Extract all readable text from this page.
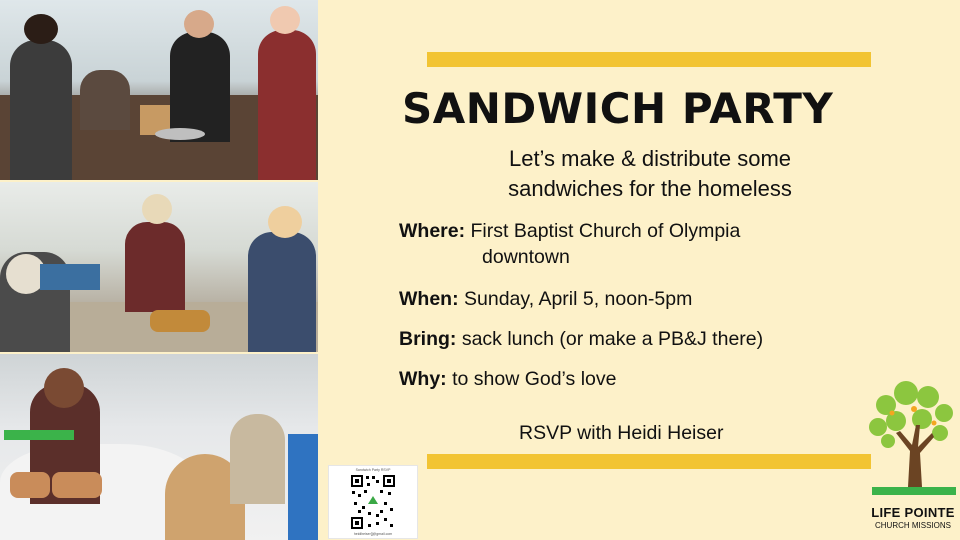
SANDWICH PARTY
Let’s make & distribute some
sandwiches for the homeless
Where: First Baptist Church of Olympia
downtown
When: Sunday, April 5, noon-5pm
Bring: sack lunch (or make a PB&J there)
Why: to show God’s love
RSVP with Heidi Heiser
Sandwich Party RSVP
heidiheiser[]@gmail.com
LIFE POINTE
CHURCH MISSIONS
